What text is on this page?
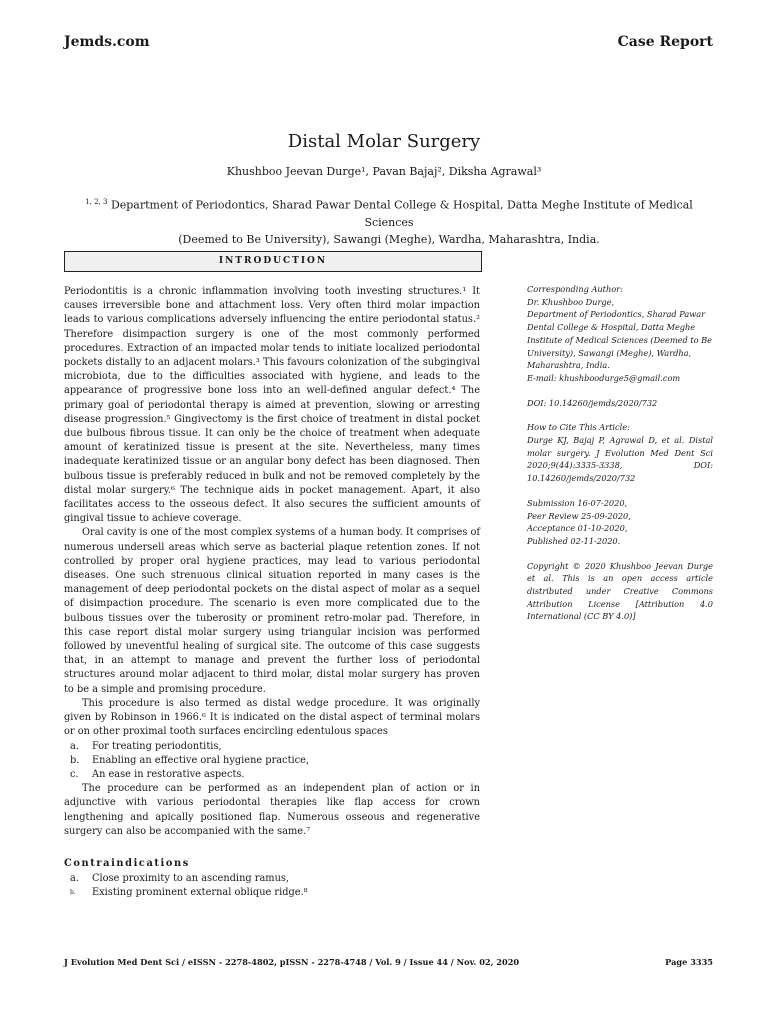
Jemds.com	Case Report
Distal Molar Surgery
Khushboo Jeevan Durge¹, Pavan Bajaj², Diksha Agrawal³
$^{1, 2, 3}$ Department of Periodontics, Sharad Pawar Dental College & Hospital, Datta Meghe Institute of Medical Sciences
(Deemed to Be University), Sawangi (Meghe), Wardha, Maharashtra, India.
INTRODUCTION

Periodontitis is a chronic inflammation involving tooth investing structures.¹ It causes irreversible bone and attachment loss. Very often third molar impaction leads to various complications adversely influencing the entire periodontal status.² Therefore disimpaction surgery is one of the most commonly performed procedures. Extraction of an impacted molar tends to initiate localized periodontal pockets distally to an adjacent molars.³ This favours colonization of the subgingival microbiota, due to the difficulties associated with hygiene, and leads to the appearance of progressive bone loss into an well-defined angular defect.⁴ The primary goal of periodontal therapy is aimed at prevention, slowing or arresting disease progression.⁵ Gingivectomy is the first choice of treatment in distal pocket due bulbous fibrous tissue. It can only be the choice of treatment when adequate amount of keratinized tissue is present at the site. Nevertheless, many times inadequate keratinized tissue or an angular bony defect has been diagnosed. Then bulbous tissue is preferably reduced in bulk and not be removed completely by the distal molar surgery.⁶ The technique aids in pocket management. Apart, it also facilitates access to the osseous defect. It also secures the sufficient amounts of gingival tissue to achieve coverage.

Oral cavity is one of the most complex systems of a human body. It comprises of numerous undersell areas which serve as bacterial plaque retention zones. If not controlled by proper oral hygiene practices, may lead to various periodontal diseases. One such strenuous clinical situation reported in many cases is the management of deep periodontal pockets on the distal aspect of molar as a sequel of disimpaction procedure. The scenario is even more complicated due to the bulbous tissues over the tuberosity or prominent retro-molar pad. Therefore, in this case report distal molar surgery using triangular incision was performed followed by uneventful healing of surgical site. The outcome of this case suggests that, in an attempt to manage and prevent the further loss of periodontal structures around molar adjacent to third molar, distal molar surgery has proven to be a simple and promising procedure.

This procedure is also termed as distal wedge procedure. It was originally given by Robinson in 1966.⁶ It is indicated on the distal aspect of terminal molars or on other proximal tooth surfaces encircling edentulous spaces

a. For treating periodontitis,
b. Enabling an effective oral hygiene practice,
c. An ease in restorative aspects.

The procedure can be performed as an independent plan of action or in adjunctive with various periodontal therapies like flap access for crown lengthening and apically positioned flap. Numerous osseous and regenerative surgery can also be accompanied with the same.⁷

Contraindications
a. Close proximity to an ascending ramus,
b. Existing prominent external oblique ridge.⁸

Corresponding Author:
Dr. Khushboo Durge,
Department of Periodontics, Sharad Pawar Dental College & Hospital, Datta Meghe Institute of Medical Sciences (Deemed to Be University), Sawangi (Meghe), Wardha, Maharashtra, India.
E-mail: khushboodurge5@gmail.com

DOI: 10.14260/jemds/2020/732

How to Cite This Article:
Durge KJ, Bajaj P, Agrawal D, et al. Distal molar surgery. J Evolution Med Dent Sci 2020;9(44):3335-3338, DOI: 10.14260/jemds/2020/732

Submission 16-07-2020,
Peer Review 25-09-2020,
Acceptance 01-10-2020,
Published 02-11-2020.

Copyright © 2020 Khushboo Jeevan Durge et al. This is an open access article distributed under Creative Commons Attribution License [Attribution 4.0 International (CC BY 4.0)]

J Evolution Med Dent Sci / eISSN - 2278-4802, pISSN - 2278-4748 / Vol. 9 / Issue 44 / Nov. 02, 2020	Page 3335
